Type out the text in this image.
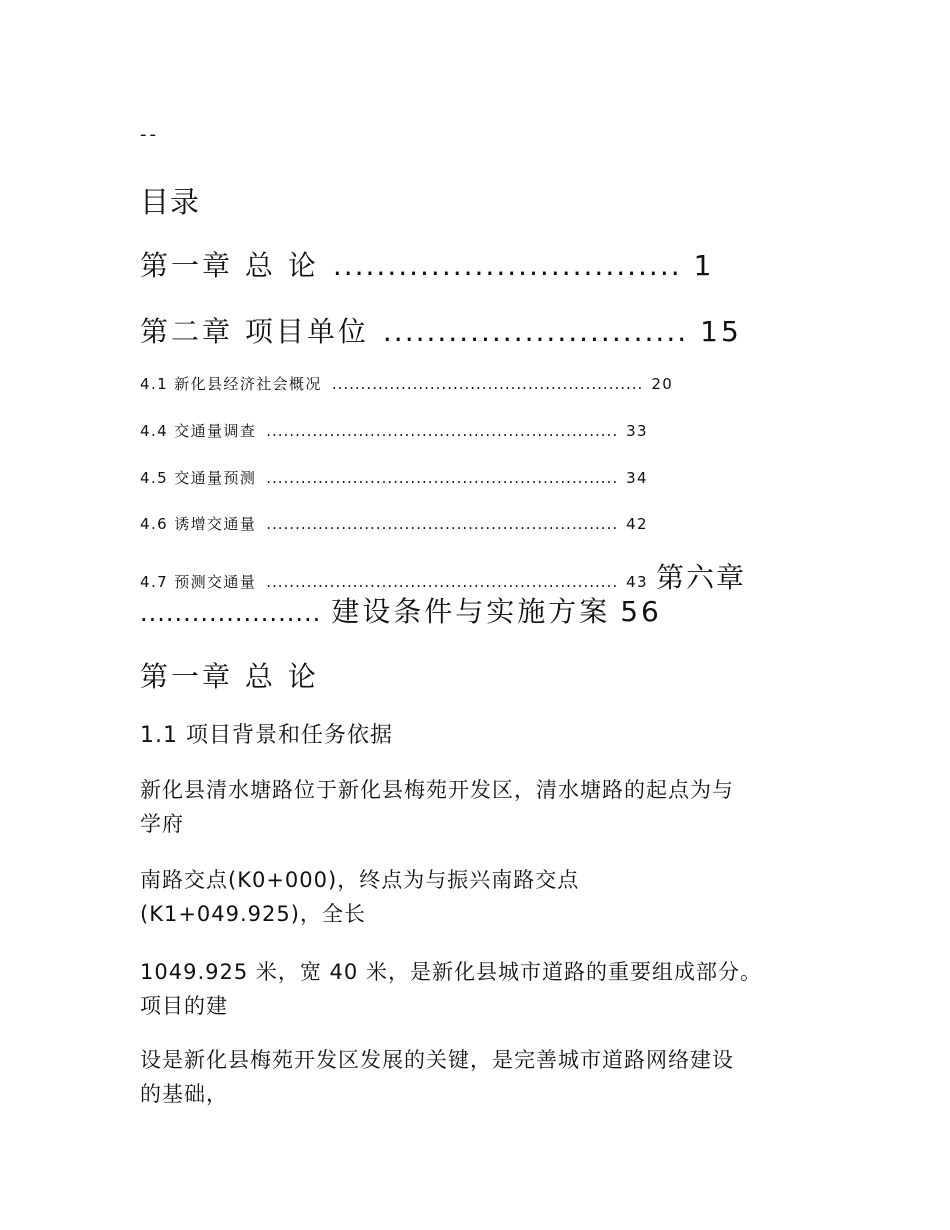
--
目录
第一章 总 论 ................................ 1
第二章 项目单位 ............................ 15
4.1 新化县经济社会概况 ...................................................... 20
4.4 交通量调查 ............................................................. 33
4.5 交通量预测 ............................................................. 34
4.6 诱增交通量 ............................................................. 42
4.7 预测交通量 ............................................................. 43 第六章
..................... 建设条件与实施方案 56
第一章 总 论
1.1 项目背景和任务依据
新化县清水塘路位于新化县梅苑开发区，清水塘路的起点为与
学府
南路交点(K0+000)，终点为与振兴南路交点
(K1+049.925)，全长
1049.925 米，宽 40 米，是新化县城市道路的重要组成部分。
项目的建
设是新化县梅苑开发区发展的关键，是完善城市道路网络建设
的基础，
